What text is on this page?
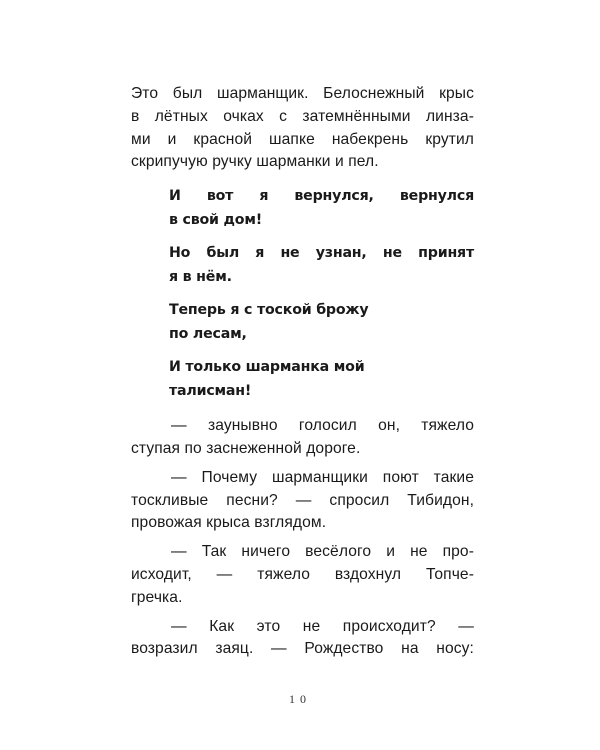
Это был шарманщик. Белоснежный крыс
в лётных очках с затемнёнными линза-
ми и красной шапке набекрень крутил
скрипучую ручку шарманки и пел.
И вот я вернулся, вернулся
в свой дом!
Но был я не узнан, не принят
я в нём.
Теперь я с тоской брожу
по лесам,
И только шарманка мой
талисман!
— заунывно голосил он, тяжело
ступая по заснеженной дороге.
— Почему шарманщики поют такие
тоскливые песни? — спросил Тибидон,
провожая крыса взглядом.
— Так ничего весёлого и не про-
исходит, — тяжело вздохнул Топче-
гречка.
— Как это не происходит? —
возразил заяц. — Рождество на носу:
10
